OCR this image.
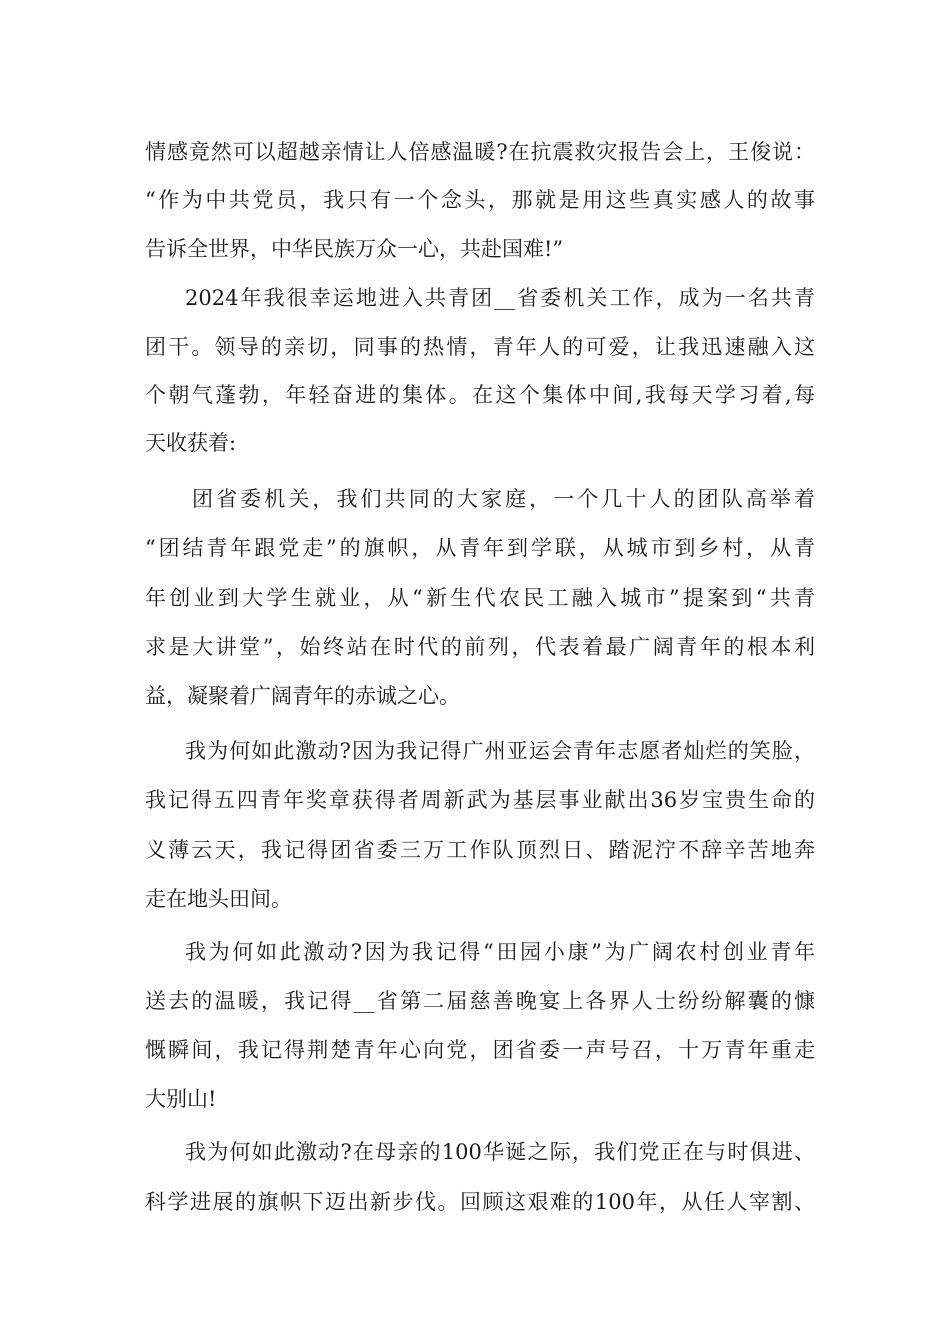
情感竟然可以超越亲情让人倍感温暖?在抗震救灾报告会上，王俊说：
“作为中共党员，我只有一个念头，那就是用这些真实感人的故事
告诉全世界，中华民族万众一心，共赴国难!”
2024年我很幸运地进入共青团__省委机关工作，成为一名共青
团干。领导的亲切，同事的热情，青年人的可爱，让我迅速融入这
个朝气蓬勃，年轻奋进的集体。在这个集体中间,我每天学习着,每
天收获着:
团省委机关，我们共同的大家庭，一个几十人的团队高举着
“团结青年跟党走”的旗帜，从青年到学联，从城市到乡村，从青
年创业到大学生就业，从“新生代农民工融入城市”提案到“共青
求是大讲堂”，始终站在时代的前列，代表着最广阔青年的根本利
益，凝聚着广阔青年的赤诚之心。
我为何如此激动?因为我记得广州亚运会青年志愿者灿烂的笑脸，
我记得五四青年奖章获得者周新武为基层事业献出36岁宝贵生命的
义薄云天，我记得团省委三万工作队顶烈日、踏泥泞不辞辛苦地奔
走在地头田间。
我为何如此激动?因为我记得“田园小康”为广阔农村创业青年
送去的温暖，我记得__省第二届慈善晚宴上各界人士纷纷解囊的慷
慨瞬间，我记得荆楚青年心向党，团省委一声号召，十万青年重走
大别山!
我为何如此激动?在母亲的100华诞之际，我们党正在与时俱进、
科学进展的旗帜下迈出新步伐。回顾这艰难的100年，从任人宰割、
